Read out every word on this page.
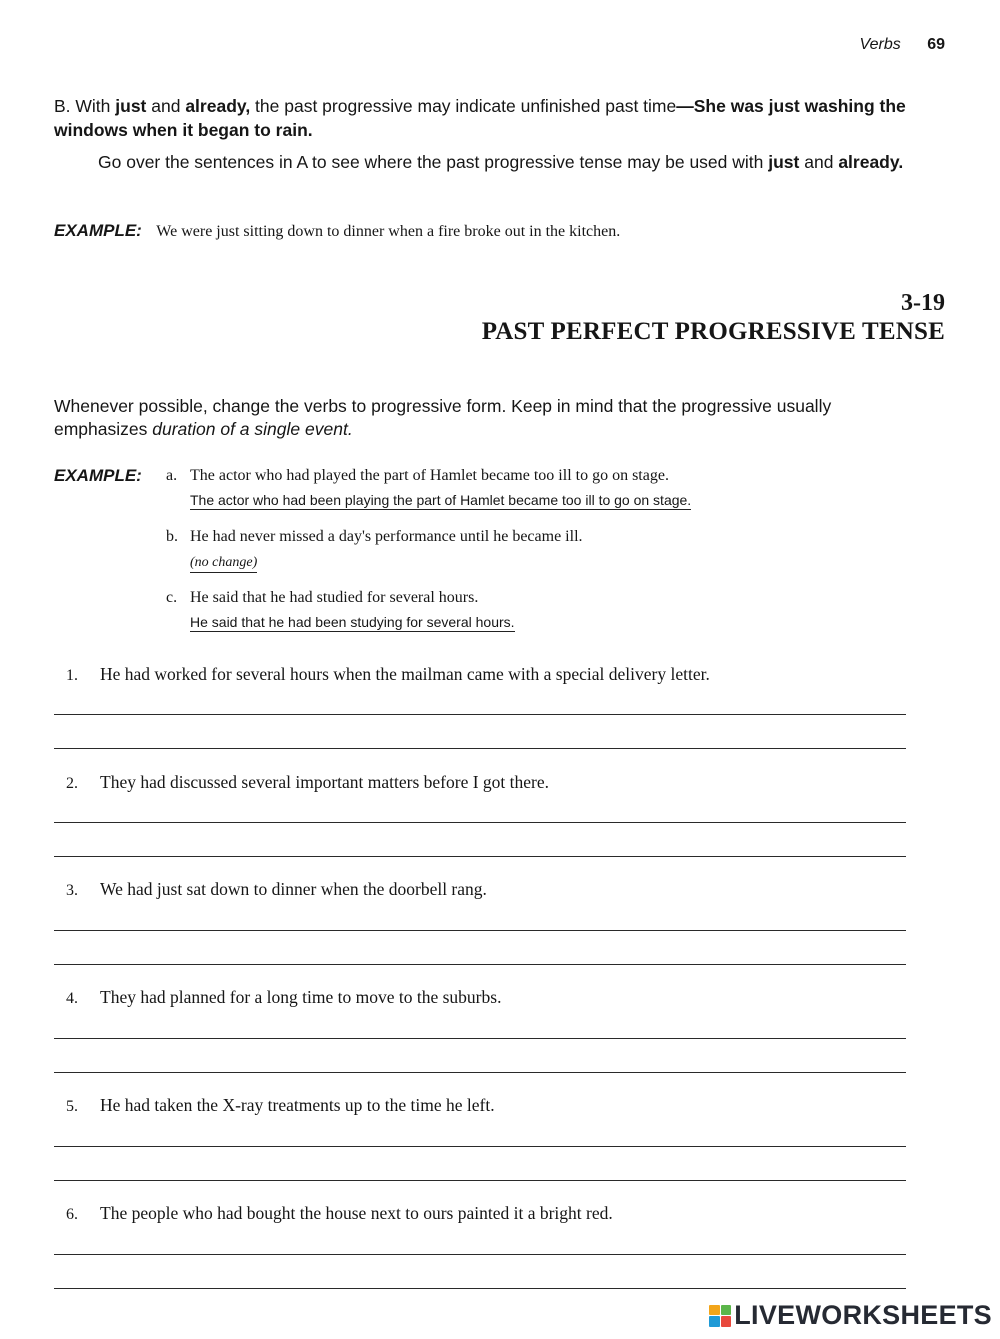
Verbs 69
B. With just and already, the past progressive may indicate unfinished past time—She was just washing the windows when it began to rain.
Go over the sentences in A to see where the past progressive tense may be used with just and already.
EXAMPLE: We were just sitting down to dinner when a fire broke out in the kitchen.
3-19
PAST PERFECT PROGRESSIVE TENSE
Whenever possible, change the verbs to progressive form. Keep in mind that the progressive usually emphasizes duration of a single event.
EXAMPLE: a. The actor who had played the part of Hamlet became too ill to go on stage.
The actor who had been playing the part of Hamlet became too ill to go on stage.
b. He had never missed a day's performance until he became ill.
(no change)
c. He said that he had studied for several hours.
He said that he had been studying for several hours.
1. He had worked for several hours when the mailman came with a special delivery letter.
2. They had discussed several important matters before I got there.
3. We had just sat down to dinner when the doorbell rang.
4. They had planned for a long time to move to the suburbs.
5. He had taken the X-ray treatments up to the time he left.
6. The people who had bought the house next to ours painted it a bright red.
LIVEWORKSHEETS
